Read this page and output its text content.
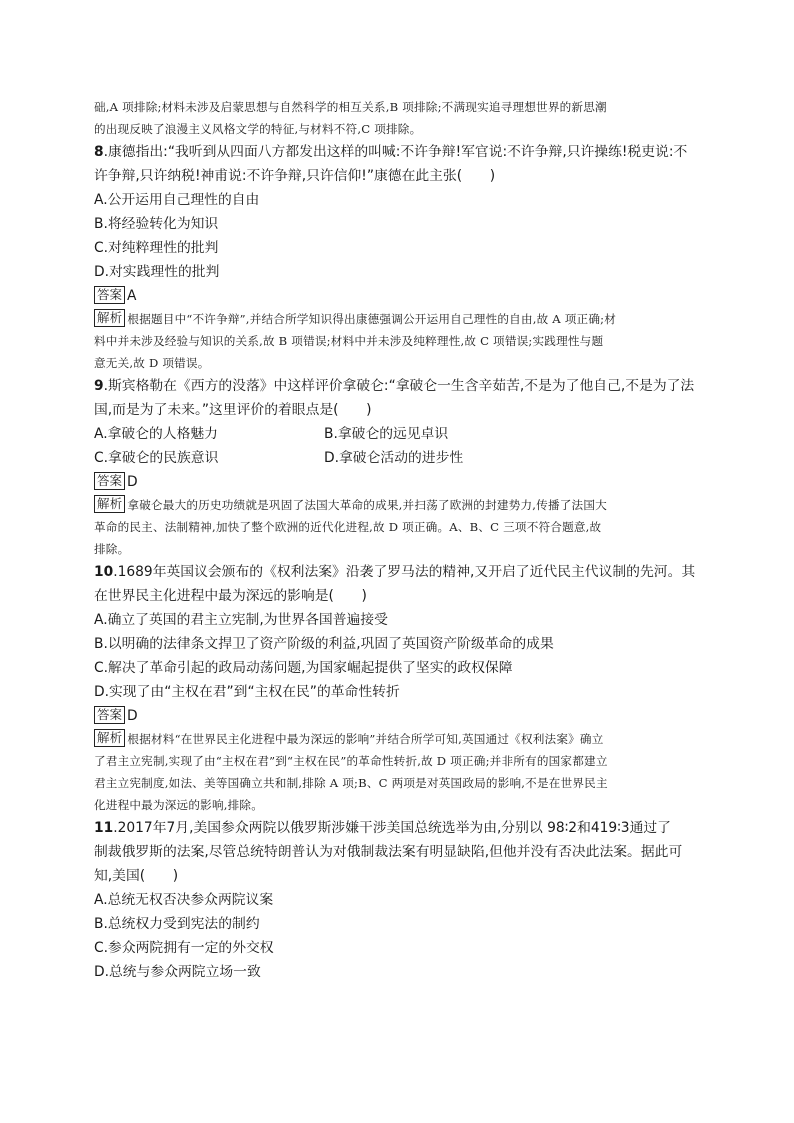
础,A 项排除;材料未涉及启蒙思想与自然科学的相互关系,B 项排除;不满现实追寻理想世界的新思潮
的出现反映了浪漫主义风格文学的特征,与材料不符,C 项排除。
8.康德指出:“我听到从四面八方都发出这样的叫喊:不许争辩!军官说:不许争辩,只许操练!税吏说:不
许争辩,只许纳税!神甫说:不许争辩,只许信仰!”康德在此主张(　　)
A.公开运用自己理性的自由
B.将经验转化为知识
C.对纯粹理性的批判
D.对实践理性的批判
答案 A
解析 根据题目中“不许争辩”,并结合所学知识得出康德强调公开运用自己理性的自由,故 A 项正确;材
料中并未涉及经验与知识的关系,故 B 项错误;材料中并未涉及纯粹理性,故 C 项错误;实践理性与题
意无关,故 D 项错误。
9.斯宾格勒在《西方的没落》中这样评价拿破仑:“拿破仑一生含辛茹苦,不是为了他自己,不是为了法
国,而是为了未来。”这里评价的着眼点是(　　)
A.拿破仑的人格魅力	B.拿破仑的远见卓识
C.拿破仑的民族意识	D.拿破仑活动的进步性
答案 D
解析 拿破仑最大的历史功绩就是巩固了法国大革命的成果,并扫荡了欧洲的封建势力,传播了法国大
革命的民主、法制精神,加快了整个欧洲的近代化进程,故 D 项正确。A、B、C 三项不符合题意,故
排除。
10.1689年英国议会颁布的《权利法案》沿袭了罗马法的精神,又开启了近代民主代议制的先河。其
在世界民主化进程中最为深远的影响是(　　)
A.确立了英国的君主立宪制,为世界各国普遍接受
B.以明确的法律条文捍卫了资产阶级的利益,巩固了英国资产阶级革命的成果
C.解决了革命引起的政局动荡问题,为国家崛起提供了坚实的政权保障
D.实现了由“主权在君”到“主权在民”的革命性转折
答案 D
解析 根据材料“在世界民主化进程中最为深远的影响”并结合所学可知,英国通过《权利法案》确立
了君主立宪制,实现了由“主权在君”到“主权在民”的革命性转折,故 D 项正确;并非所有的国家都建立
君主立宪制度,如法、美等国确立共和制,排除 A 项;B、C 两项是对英国政局的影响,不是在世界民主
化进程中最为深远的影响,排除。
11.2017年7月,美国参众两院以俄罗斯涉嫌干涉美国总统选举为由,分别以 98∶2和419∶3通过了
制裁俄罗斯的法案,尽管总统特朗普认为对俄制裁法案有明显缺陷,但他并没有否决此法案。据此可
知,美国(　　)
A.总统无权否决参众两院议案
B.总统权力受到宪法的制约
C.参众两院拥有一定的外交权
D.总统与参众两院立场一致
